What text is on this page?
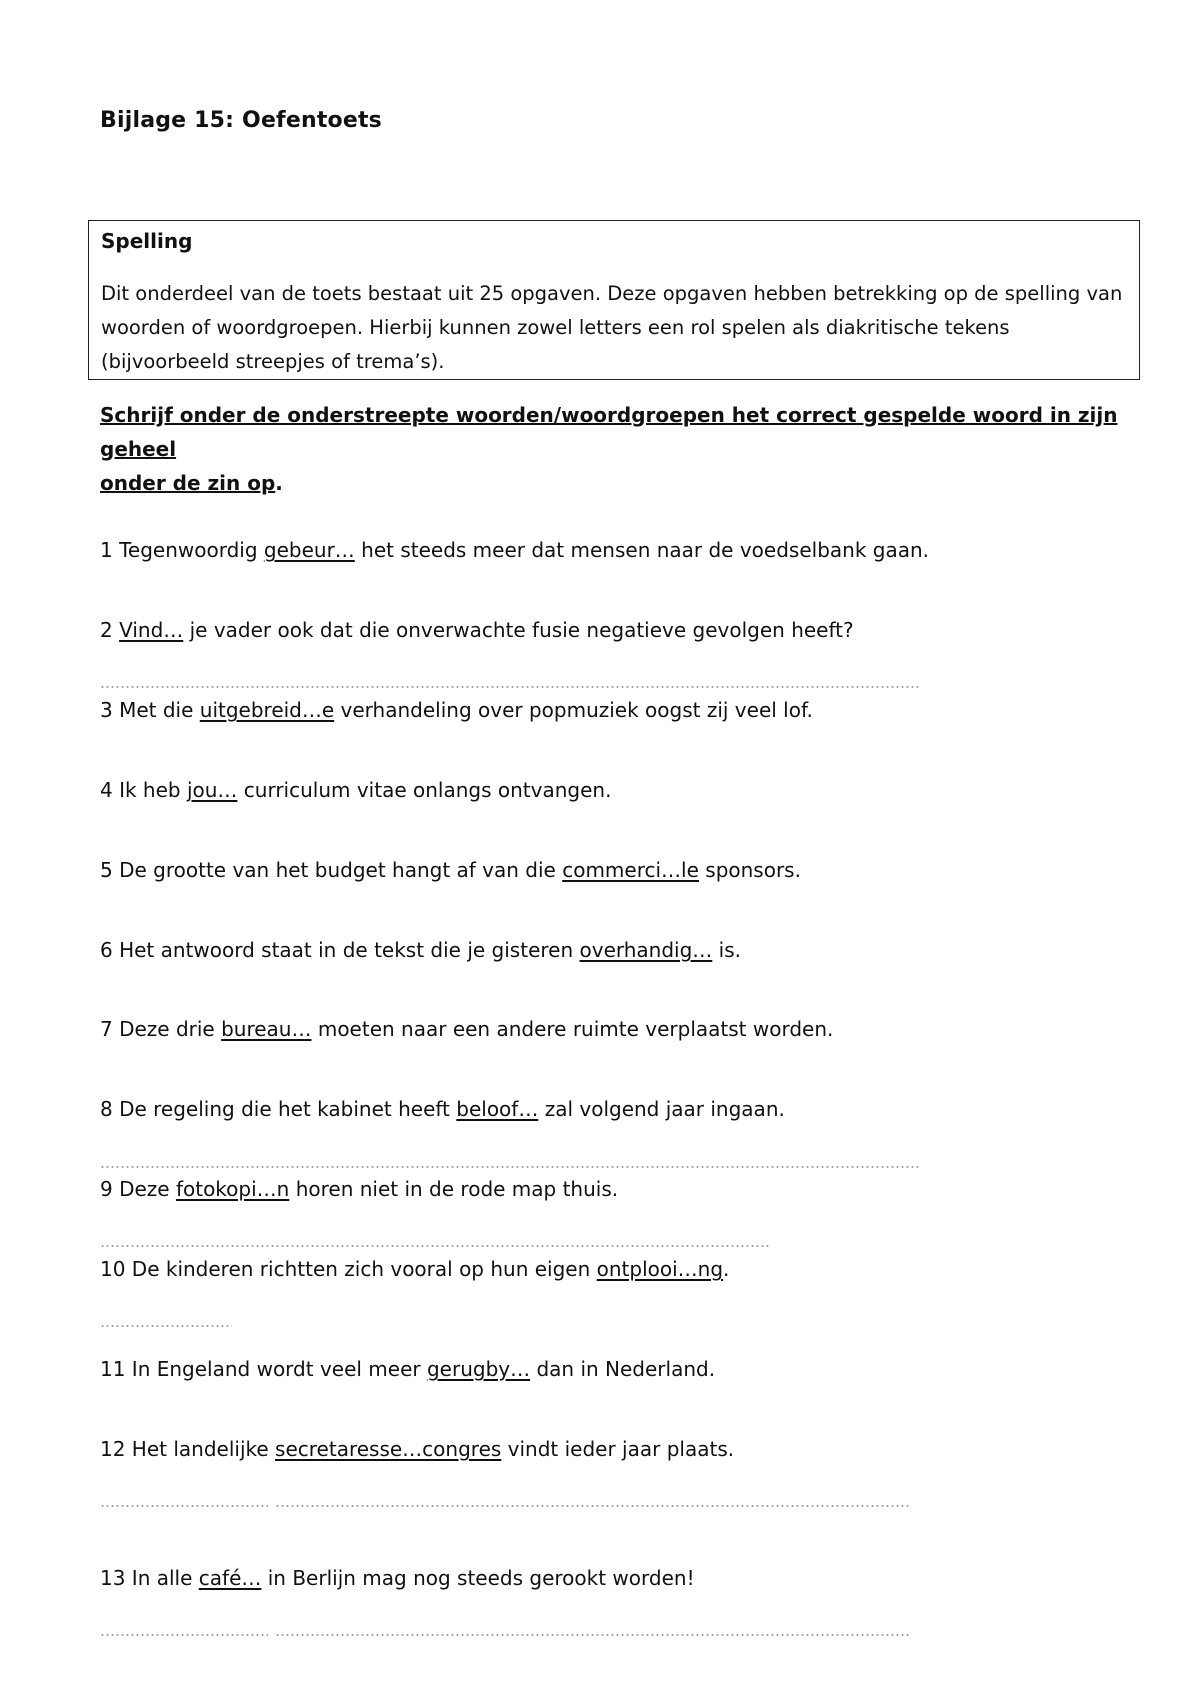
Bijlage 15: Oefentoets
Spelling
Dit onderdeel van de toets bestaat uit 25 opgaven. Deze opgaven hebben betrekking op de spelling van
woorden of woordgroepen. Hierbij kunnen zowel letters een rol spelen als diakritische tekens
(bijvoorbeeld streepjes of trema’s).
Schrijf onder de onderstreepte woorden/woordgroepen het correct gespelde woord in zijn geheel
onder de zin op.
1 Tegenwoordig gebeur… het steeds meer dat mensen naar de voedselbank gaan.
2 Vind… je vader ook dat die onverwachte fusie negatieve gevolgen heeft?
3 Met die uitgebreid…e verhandeling over popmuziek oogst zij veel lof.
4 Ik heb jou… curriculum vitae onlangs ontvangen.
5 De grootte van het budget hangt af van die commerci…le sponsors.
6 Het antwoord staat in de tekst die je gisteren overhandig… is.
7 Deze drie bureau… moeten naar een andere ruimte verplaatst worden.
8 De regeling die het kabinet heeft beloof… zal volgend jaar ingaan.
9 Deze fotokopi…n horen niet in de rode map thuis.
10 De kinderen richtten zich vooral op hun eigen ontplooi…ng.
11 In Engeland wordt veel meer gerugby… dan in Nederland.
12 Het landelijke secretaresse…congres vindt ieder jaar plaats.
13 In alle café… in Berlijn mag nog steeds gerookt worden!
